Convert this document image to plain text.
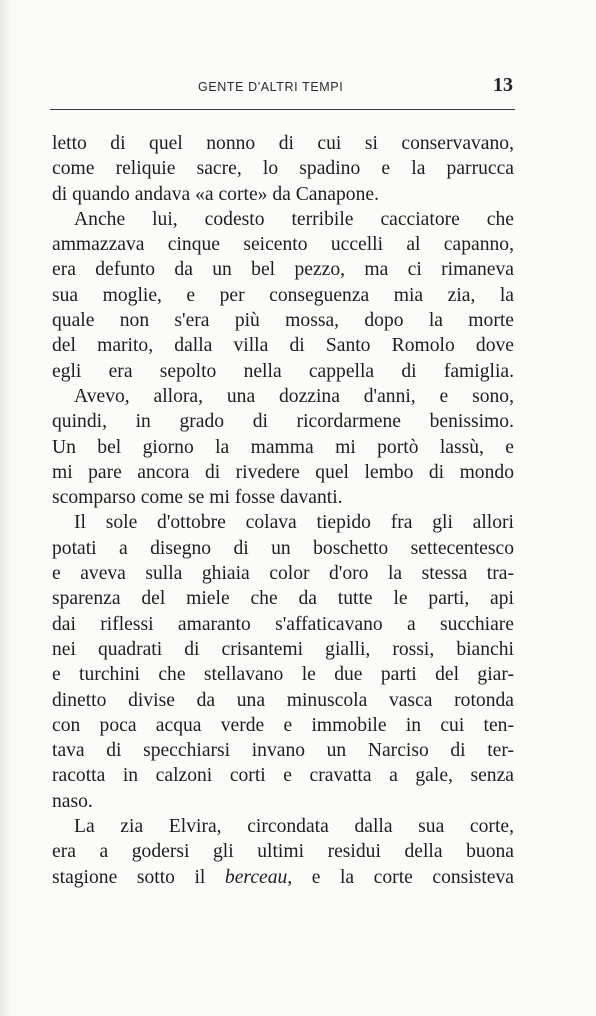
GENTE D'ALTRI TEMPI	13

letto di quel nonno di cui si conservavano,
come reliquie sacre, lo spadino e la parrucca
di quando andava «a corte» da Canapone.

Anche lui, codesto terribile cacciatore che
ammazzava cinque seicento uccelli al capanno,
era defunto da un bel pezzo, ma ci rimaneva
sua moglie, e per conseguenza mia zia, la
quale non s'era più mossa, dopo la morte
del marito, dalla villa di Santo Romolo dove
egli era sepolto nella cappella di famiglia.

Avevo, allora, una dozzina d'anni, e sono,
quindi, in grado di ricordarmene benissimo.
Un bel giorno la mamma mi portò lassù, e
mi pare ancora di rivedere quel lembo di mondo
scomparso come se mi fosse davanti.

Il sole d'ottobre colava tiepido fra gli allori
potati a disegno di un boschetto settecentesco
e aveva sulla ghiaia color d'oro la stessa tra-
sparenza del miele che da tutte le parti, api
dai riflessi amaranto s'affaticavano a succhiare
nei quadrati di crisantemi gialli, rossi, bianchi
e turchini che stellavano le due parti del giar-
dinetto divise da una minuscola vasca rotonda
con poca acqua verde e immobile in cui ten-
tava di specchiarsi invano un Narciso di ter-
racotta in calzoni corti e cravatta a gale, senza
naso.

La zia Elvira, circondata dalla sua corte,
era a godersi gli ultimi residui della buona
stagione sotto il berceau, e la corte consisteva
